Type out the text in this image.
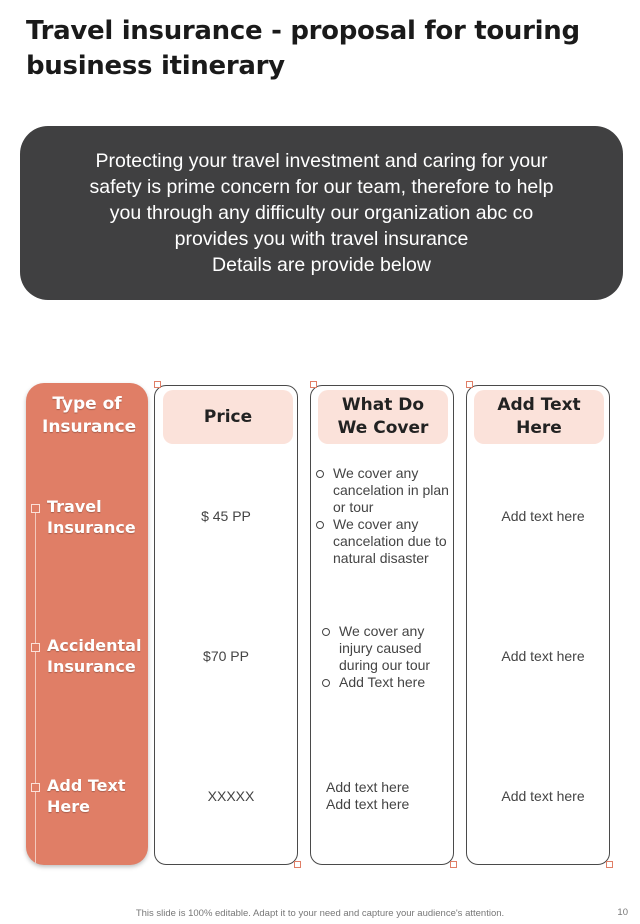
Travel insurance - proposal for touring business itinerary
Protecting your travel investment and caring for your
safety is prime concern for our team, therefore to help
you through any difficulty our organization abc co
provides you with travel insurance
Details are provide below
Type of Insurance
Travel Insurance
Accidental Insurance
Add Text Here
Price
$ 45 PP
$70 PP
XXXXX
What Do We Cover
We cover any cancelation in plan or tour
We cover any cancelation due to natural disaster
We cover any injury caused during our tour
Add Text here
Add text here
Add text here
Add Text Here
Add text here
Add text here
Add text here
This slide is 100% editable. Adapt it to your need and capture your audience's attention.	10
